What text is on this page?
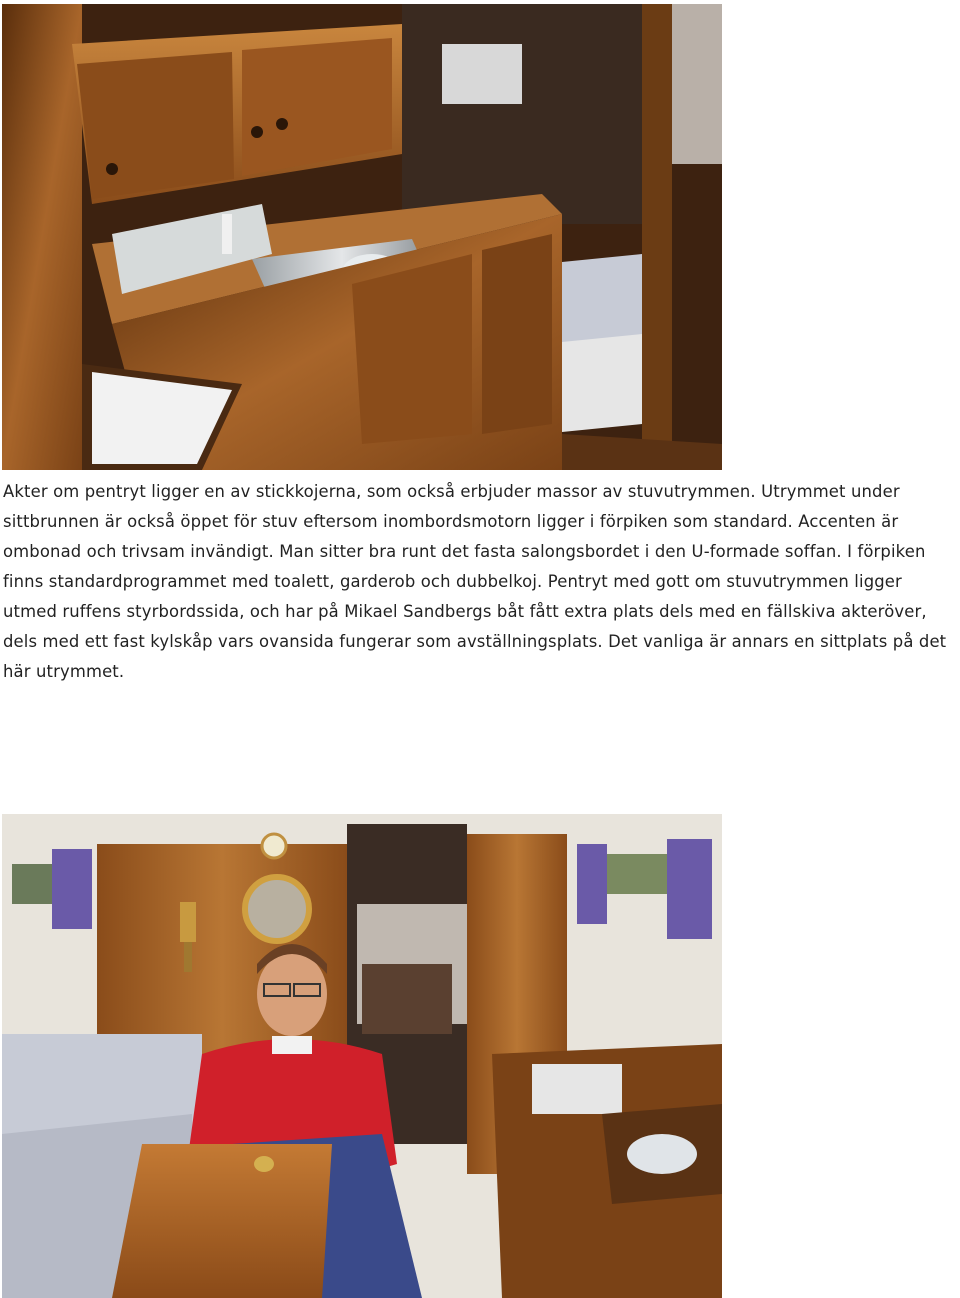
Akter om pentryt ligger en av stickkojerna, som också erbjuder massor av stuvutrymmen. Utrymmet under sittbrunnen är också öppet för stuv eftersom inombordsmotorn ligger i förpiken som standard. Accenten är ombonad och trivsam invändigt. Man sitter bra runt det fasta salongsbordet i den U-formade soffan. I förpiken finns standardprogrammet med toalett, garderob och dubbelkoj. Pentryt med gott om stuvutrymmen ligger utmed ruffens styrbordssida, och har på Mikael Sandbergs båt fått extra plats dels med en fällskiva akteröver, dels med ett fast kylskåp vars ovansida fungerar som avställningsplats. Det vanliga är annars en sittplats på det här utrymmet.
